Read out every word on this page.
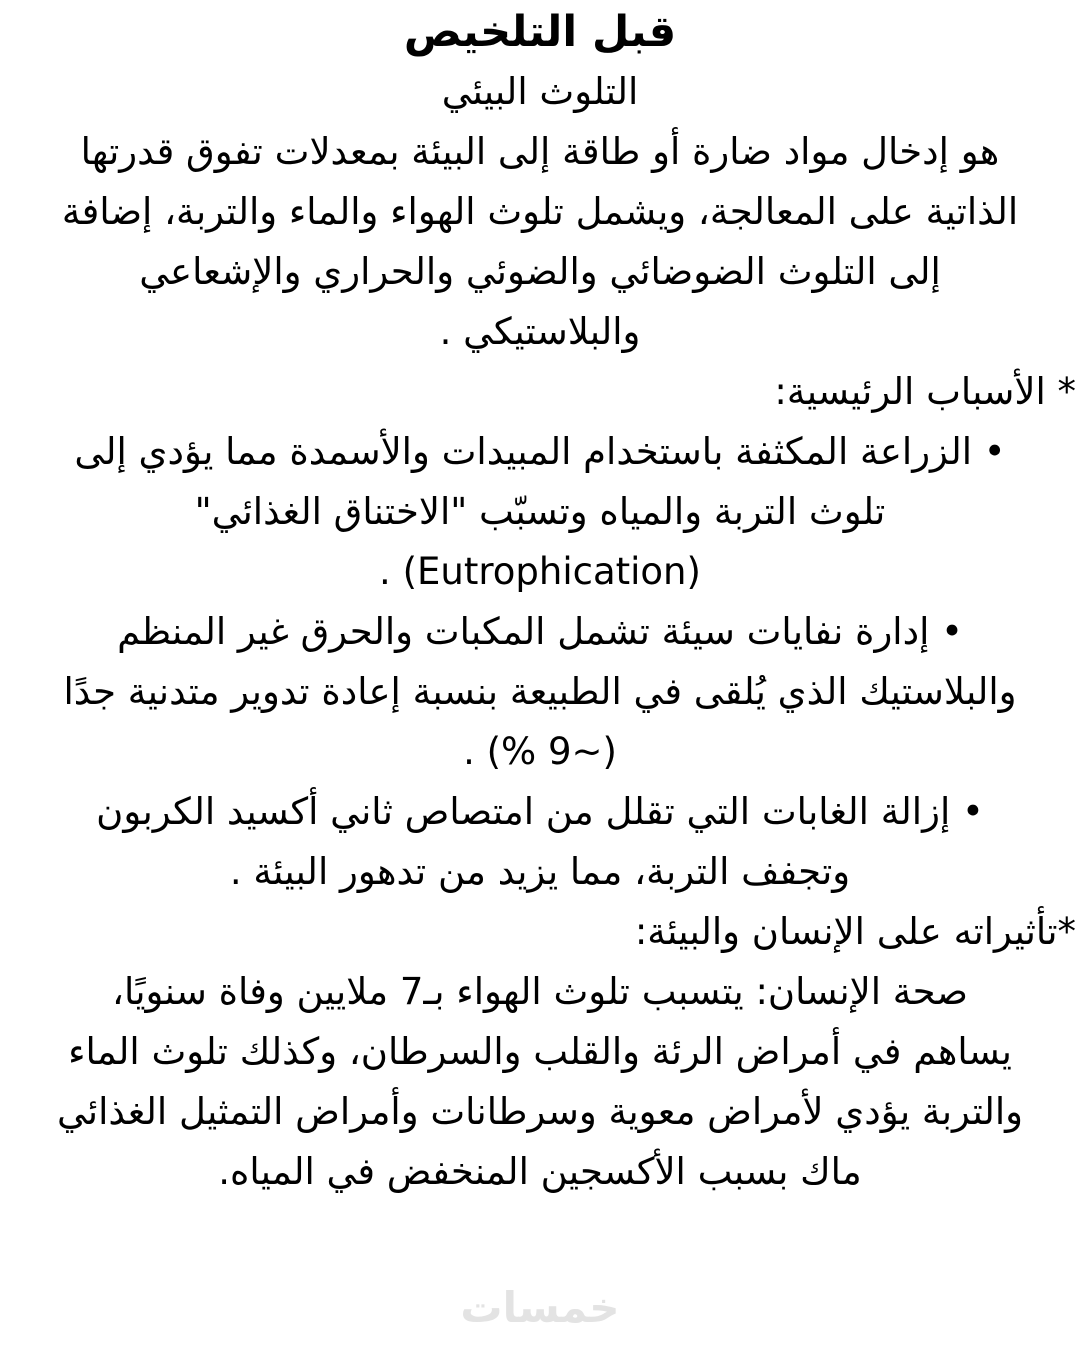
قبل التلخيص
التلوث البيئي
هو إدخال مواد ضارة أو طاقة إلى البيئة بمعدلات تفوق قدرتها
الذاتية على المعالجة، ويشمل تلوث الهواء والماء والتربة، إضافة
إلى التلوث الضوضائي والضوئي والحراري والإشعاعي
والبلاستيكي .
* الأسباب الرئيسية:
• الزراعة المكثفة باستخدام المبيدات والأسمدة مما يؤدي إلى
تلوث التربة والمياه وتسبّب "الاختناق الغذائي"
(Eutrophication) .
• إدارة نفايات سيئة تشمل المكبات والحرق غير المنظم
والبلاستيك الذي يُلقى في الطبيعة بنسبة إعادة تدوير متدنية جدًا
(~9 %) .
• إزالة الغابات التي تقلل من امتصاص ثاني أكسيد الكربون
وتجفف التربة، مما يزيد من تدهور البيئة .
*تأثيراته على الإنسان والبيئة:
صحة الإنسان: يتسبب تلوث الهواء بـ7 ملايين وفاة سنويًا،
يساهم في أمراض الرئة والقلب والسرطان، وكذلك تلوث الماء
والتربة يؤدي لأمراض معوية وسرطانات وأمراض التمثيل الغذائي
ماك بسبب الأكسجين المنخفض في المياه.
خمسات
